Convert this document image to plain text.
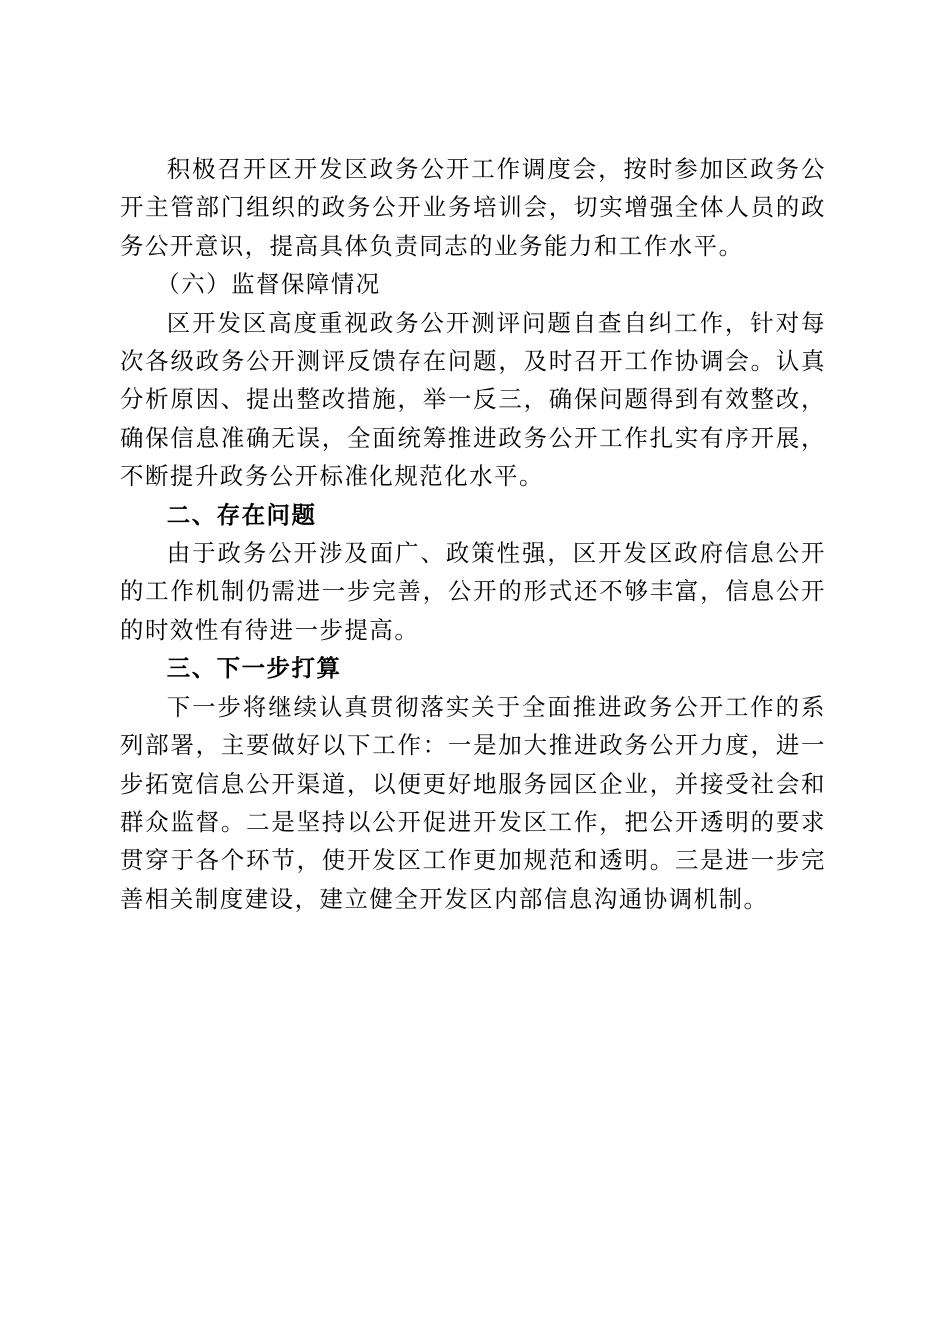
积极召开区开发区政务公开工作调度会，按时参加区政务公开主管部门组织的政务公开业务培训会，切实增强全体人员的政务公开意识，提高具体负责同志的业务能力和工作水平。

（六）监督保障情况

区开发区高度重视政务公开测评问题自查自纠工作，针对每次各级政务公开测评反馈存在问题，及时召开工作协调会。认真分析原因、提出整改措施，举一反三，确保问题得到有效整改，确保信息准确无误，全面统筹推进政务公开工作扎实有序开展，不断提升政务公开标准化规范化水平。

二、存在问题

由于政务公开涉及面广、政策性强，区开发区政府信息公开的工作机制仍需进一步完善，公开的形式还不够丰富，信息公开的时效性有待进一步提高。

三、下一步打算

下一步将继续认真贯彻落实关于全面推进政务公开工作的系列部署，主要做好以下工作：一是加大推进政务公开力度，进一步拓宽信息公开渠道，以便更好地服务园区企业，并接受社会和群众监督。二是坚持以公开促进开发区工作，把公开透明的要求贯穿于各个环节，使开发区工作更加规范和透明。三是进一步完善相关制度建设，建立健全开发区内部信息沟通协调机制。
